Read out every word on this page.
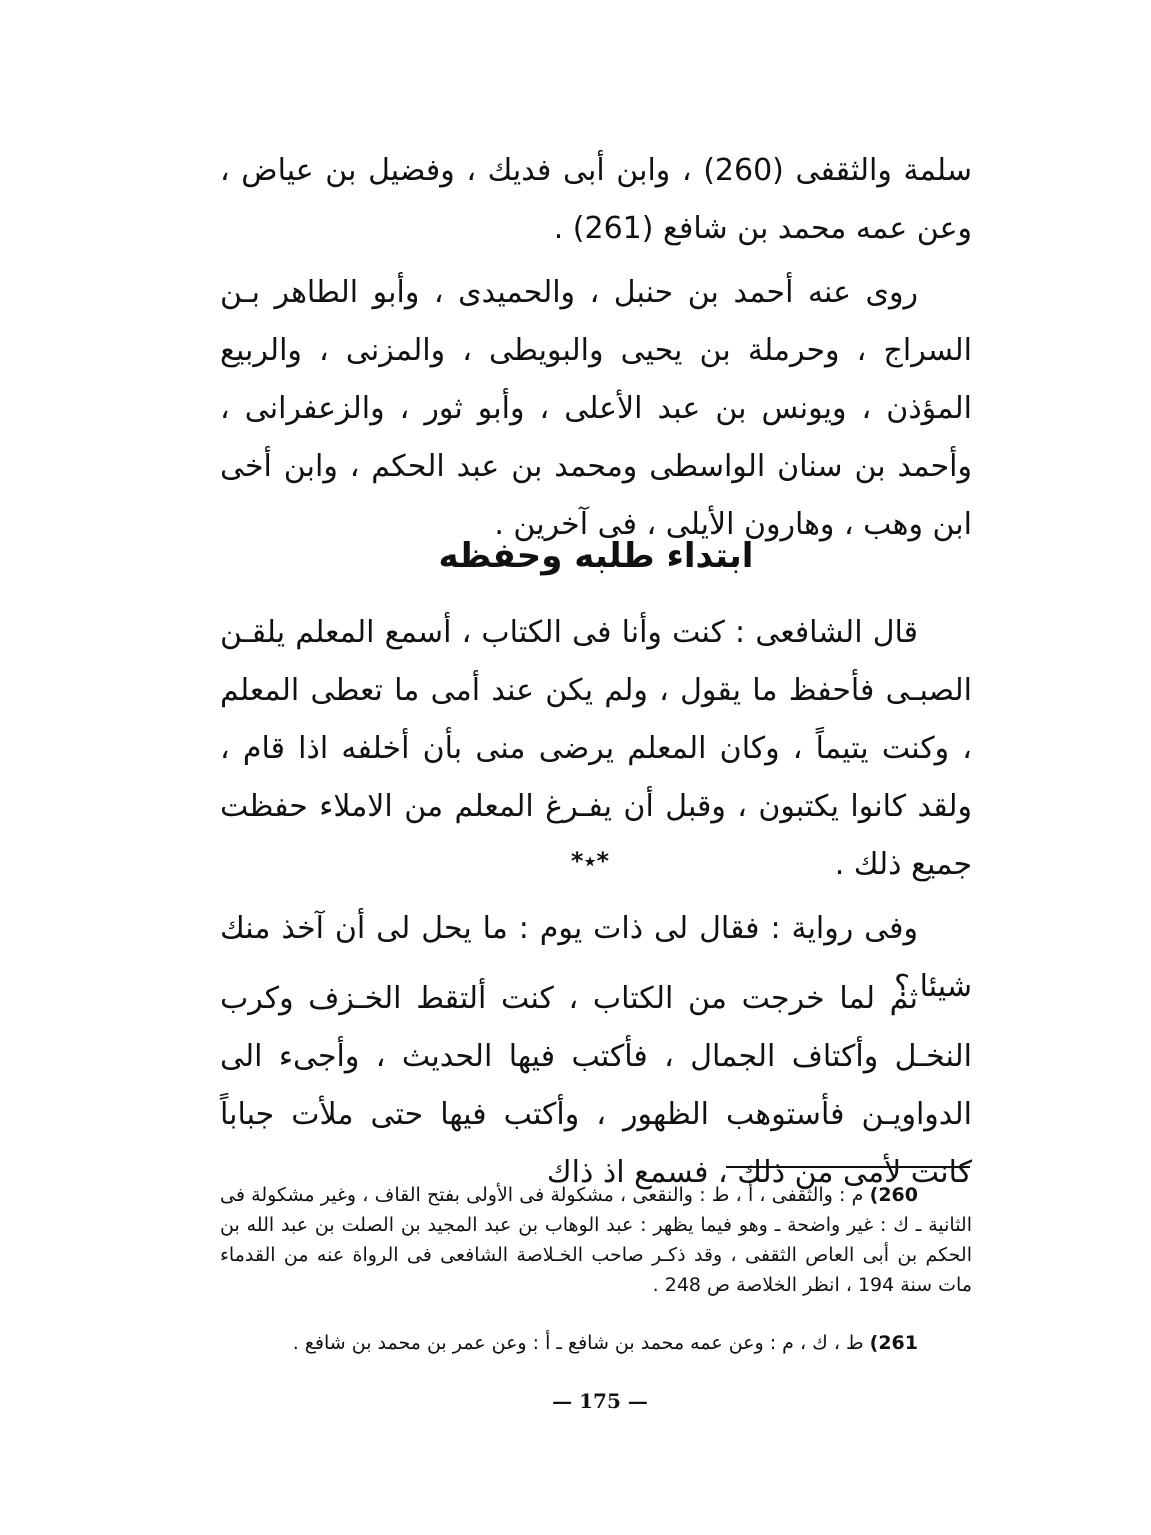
سلمة والثقفى (260) ، وابن أبى فديك ، وفضيل بن عياض ، وعن عمه محمد بن شافع (261) .

روى عنه أحمد بن حنبل ، والحميدى ، وأبو الطاهر بـن السراج ، وحرملة بن يحيى والبويطى ، والمزنى ، والربيع المؤذن ، ويونس بن عبد الأعلى ، وأبو ثور ، والزعفرانى ، وأحمد بن سنان الواسطى ومحمد بن عبد الحكم ، وابن أخى ابن وهب ، وهارون الأيلى ، فى آخرين .

ابتداء طلبه وحفظه

قال الشافعى : كنت وأنا فى الكتاب ، أسمع المعلم يلقـن الصبـى فأحفظ ما يقول ، ولم يكن عند أمى ما تعطى المعلم ، وكنت يتيماً ، وكان المعلم يرضى منى بأن أخلفه اذا قام ، ولقد كانوا يكتبون ، وقبل أن يفـرغ المعلم من الاملاء حفظت جميع ذلك .

*٭*

وفى رواية : فقال لى ذات يوم : ما يحل لى أن آخذ منك شيئا ؟

ثم لما خرجت من الكتاب ، كنت ألتقط الخـزف وكرب النخـل وأكتاف الجمال ، فأكتب فيها الحديث ، وأجىء الى الدواويـن فأستوهب الظهور ، وأكتب فيها حتى ملأت جباباً كانت لأمى من ذلك ، فسمع اذ ذاك

260) م : والثقفى ، أ ، ط : والنقعى ، مشكولة فى الأولى بفتح القاف ، وغير مشكولة فى الثانية ـ ك : غير واضحة ـ وهو فيما يظهر : عبد الوهاب بن عبد المجيد بن الصلت بن عبد الله بن الحكم بن أبى العاص الثقفى ، وقد ذكـر صاحب الخـلاصة الشافعى فى الرواة عنه من القدماء مات سنة 194 ، انظر الخلاصة ص 248 .

261) ط ، ك ، م : وعن عمه محمد بن شافع ـ أ : وعن عمر بن محمد بن شافع .

— 175 —
